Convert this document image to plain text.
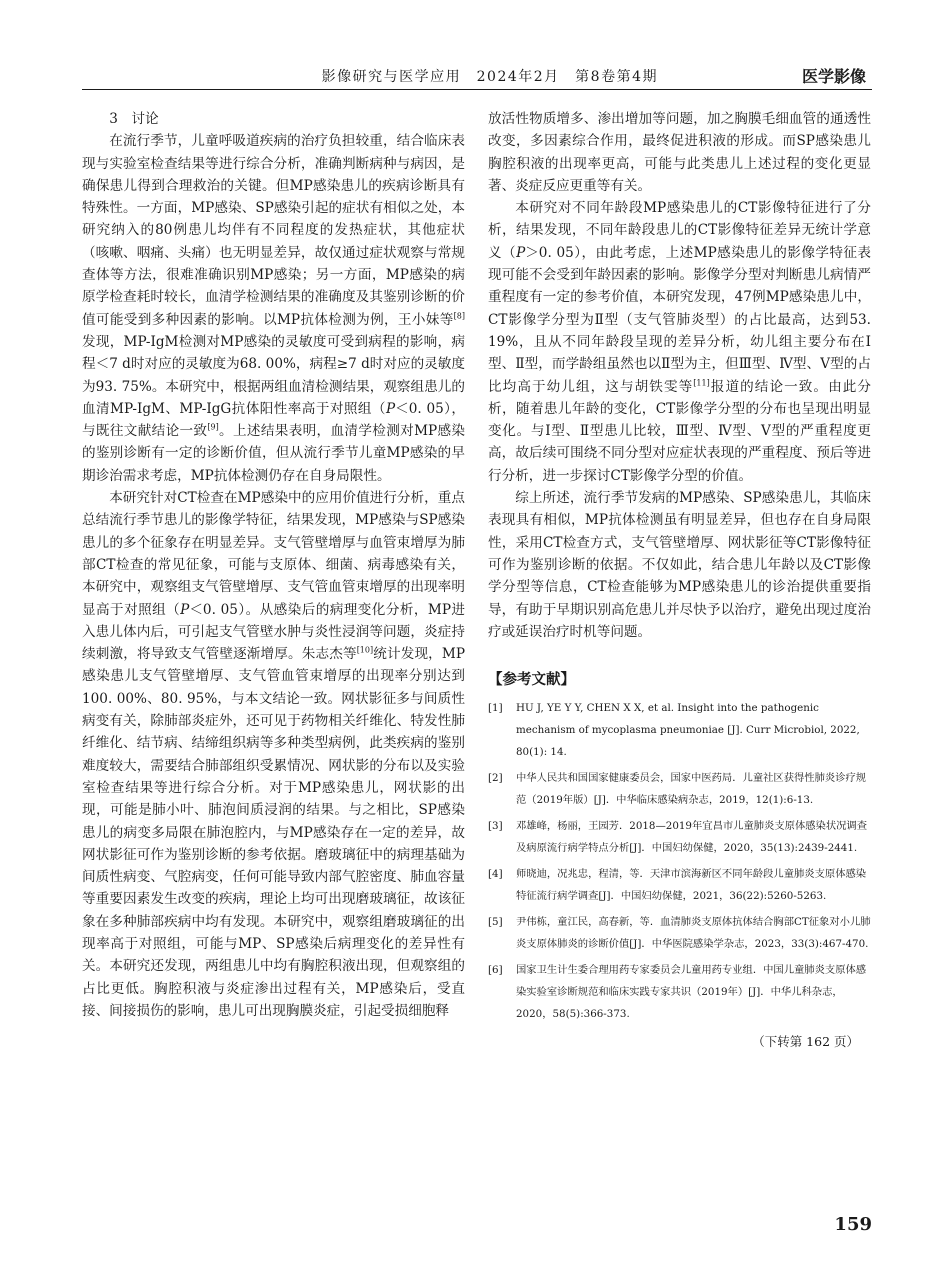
影像研究与医学应用　2024年2月　第8卷第4期	医学影像

3　讨论

在流行季节，儿童呼吸道疾病的治疗负担较重，结合临床表现与实验室检查结果等进行综合分析，准确判断病种与病因，是确保患儿得到合理救治的关键。但MP感染患儿的疾病诊断具有特殊性。一方面，MP感染、SP感染引起的症状有相似之处，本研究纳入的80例患儿均伴有不同程度的发热症状，其他症状（咳嗽、咽痛、头痛）也无明显差异，故仅通过症状观察与常规查体等方法，很难准确识别MP感染；另一方面，MP感染的病原学检查耗时较长，血清学检测结果的准确度及其鉴别诊断的价值可能受到多种因素的影响。以MP抗体检测为例，王小妹等[8]发现，MP-IgM检测对MP感染的灵敏度可受到病程的影响，病程＜7 d时对应的灵敏度为68. 00%，病程≥7 d时对应的灵敏度为93. 75%。本研究中，根据两组血清检测结果，观察组患儿的血清MP-IgM、MP-IgG抗体阳性率高于对照组（P＜0. 05），与既往文献结论一致[9]。上述结果表明，血清学检测对MP感染的鉴别诊断有一定的诊断价值，但从流行季节儿童MP感染的早期诊治需求考虑，MP抗体检测仍存在自身局限性。

本研究针对CT检查在MP感染中的应用价值进行分析，重点总结流行季节患儿的影像学特征，结果发现，MP感染与SP感染患儿的多个征象存在明显差异。支气管壁增厚与血管束增厚为肺部CT检查的常见征象，可能与支原体、细菌、病毒感染有关，本研究中，观察组支气管壁增厚、支气管血管束增厚的出现率明显高于对照组（P＜0. 05）。从感染后的病理变化分析，MP进入患儿体内后，可引起支气管壁水肿与炎性浸润等问题，炎症持续刺激，将导致支气管壁逐渐增厚。朱志杰等[10]统计发现，MP感染患儿支气管壁增厚、支气管血管束增厚的出现率分别达到100. 00%、80. 95%，与本文结论一致。网状影征多与间质性病变有关，除肺部炎症外，还可见于药物相关纤维化、特发性肺纤维化、结节病、结缔组织病等多种类型病例，此类疾病的鉴别难度较大，需要结合肺部组织受累情况、网状影的分布以及实验室检查结果等进行综合分析。对于MP感染患儿，网状影的出现，可能是肺小叶、肺泡间质浸润的结果。与之相比，SP感染患儿的病变多局限在肺泡腔内，与MP感染存在一定的差异，故网状影征可作为鉴别诊断的参考依据。磨玻璃征中的病理基础为间质性病变、气腔病变，任何可能导致内部气腔密度、肺血容量等重要因素发生改变的疾病，理论上均可出现磨玻璃征，故该征象在多种肺部疾病中均有发现。本研究中，观察组磨玻璃征的出现率高于对照组，可能与MP、SP感染后病理变化的差异性有关。本研究还发现，两组患儿中均有胸腔积液出现，但观察组的占比更低。胸腔积液与炎症渗出过程有关，MP感染后，受直接、间接损伤的影响，患儿可出现胸膜炎症，引起受损细胞释

放活性物质增多、渗出增加等问题，加之胸膜毛细血管的通透性改变，多因素综合作用，最终促进积液的形成。而SP感染患儿胸腔积液的出现率更高，可能与此类患儿上述过程的变化更显著、炎症反应更重等有关。

本研究对不同年龄段MP感染患儿的CT影像特征进行了分析，结果发现，不同年龄段患儿的CT影像特征差异无统计学意义（P＞0. 05），由此考虑，上述MP感染患儿的影像学特征表现可能不会受到年龄因素的影响。影像学分型对判断患儿病情严重程度有一定的参考价值，本研究发现，47例MP感染患儿中，CT影像学分型为Ⅱ型（支气管肺炎型）的占比最高，达到53. 19%，且从不同年龄段呈现的差异分析，幼儿组主要分布在Ⅰ型、Ⅱ型，而学龄组虽然也以Ⅱ型为主，但Ⅲ型、Ⅳ型、Ⅴ型的占比均高于幼儿组，这与胡铁雯等[11]报道的结论一致。由此分析，随着患儿年龄的变化，CT影像学分型的分布也呈现出明显变化。与Ⅰ型、Ⅱ型患儿比较，Ⅲ型、Ⅳ型、Ⅴ型的严重程度更高，故后续可围绕不同分型对应症状表现的严重程度、预后等进行分析，进一步探讨CT影像学分型的价值。

综上所述，流行季节发病的MP感染、SP感染患儿，其临床表现具有相似，MP抗体检测虽有明显差异，但也存在自身局限性，采用CT检查方式，支气管壁增厚、网状影征等CT影像特征可作为鉴别诊断的依据。不仅如此，结合患儿年龄以及CT影像学分型等信息，CT检查能够为MP感染患儿的诊治提供重要指导，有助于早期识别高危患儿并尽快予以治疗，避免出现过度治疗或延误治疗时机等问题。

【参考文献】
[1] HU J, YE Y Y, CHEN X X, et al. Insight into the pathogenic mechanism of mycoplasma pneumoniae [J]. Curr Microbiol, 2022, 80(1): 14.
[2] 中华人民共和国国家健康委员会，国家中医药局．儿童社区获得性肺炎诊疗规范（2019年版）[J]．中华临床感染病杂志，2019，12(1):6-13.
[3] 邓雄峰，杨丽，王园芳．2018—2019年宜昌市儿童肺炎支原体感染状况调查及病原流行病学特点分析[J]．中国妇幼保健，2020，35(13):2439-2441.
[4] 师晓迪，况兆忠，程清，等．天津市滨海新区不同年龄段儿童肺炎支原体感染特征流行病学调查[J]．中国妇幼保健，2021，36(22):5260-5263.
[5] 尹伟栋，童江民，高春新，等．血清肺炎支原体抗体结合胸部CT征象对小儿肺炎支原体肺炎的诊断价值[J]．中华医院感染学杂志，2023，33(3):467-470.
[6] 国家卫生计生委合理用药专家委员会儿童用药专业组．中国儿童肺炎支原体感染实验室诊断规范和临床实践专家共识（2019年）[J]．中华儿科杂志，2020，58(5):366-373.
（下转第 162 页）
159
